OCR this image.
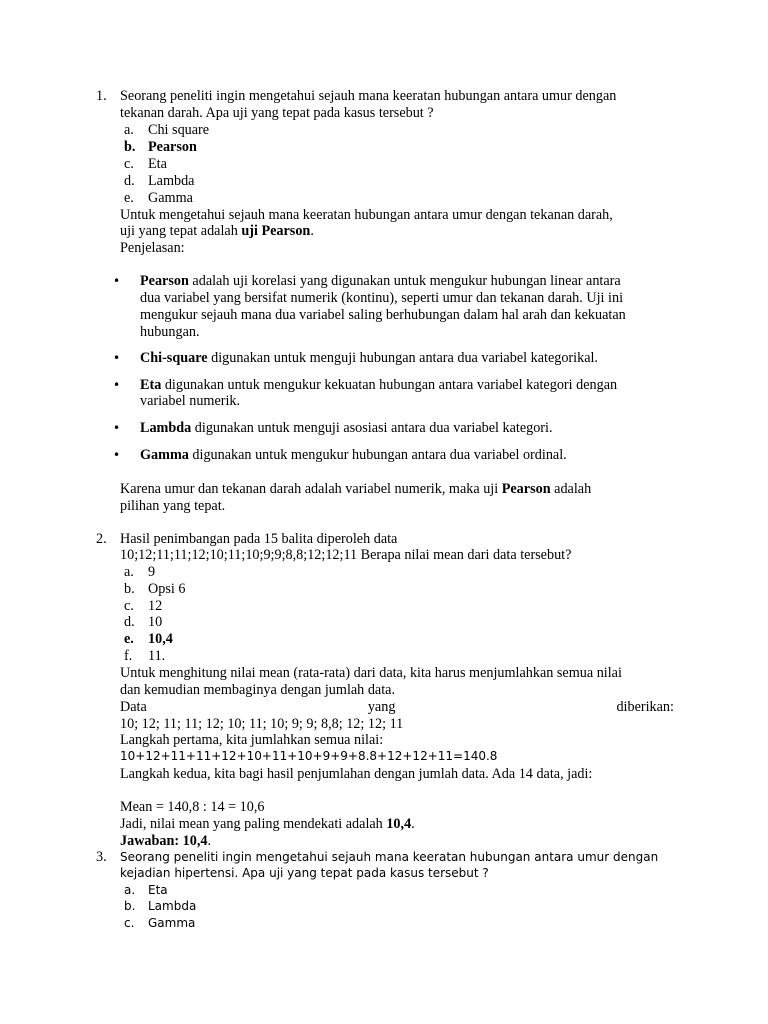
1. Seorang peneliti ingin mengetahui sejauh mana keeratan hubungan antara umur dengan
tekanan darah. Apa uji yang tepat pada kasus tersebut ?
a. Chi square
b. Pearson
c. Eta
d. Lambda
e. Gamma
Untuk mengetahui sejauh mana keeratan hubungan antara umur dengan tekanan darah,
uji yang tepat adalah uji Pearson.
Penjelasan:
• Pearson adalah uji korelasi yang digunakan untuk mengukur hubungan linear antara
dua variabel yang bersifat numerik (kontinu), seperti umur dan tekanan darah. Uji ini
mengukur sejauh mana dua variabel saling berhubungan dalam hal arah dan kekuatan
hubungan.
• Chi-square digunakan untuk menguji hubungan antara dua variabel kategorikal.
• Eta digunakan untuk mengukur kekuatan hubungan antara variabel kategori dengan
variabel numerik.
• Lambda digunakan untuk menguji asosiasi antara dua variabel kategori.
• Gamma digunakan untuk mengukur hubungan antara dua variabel ordinal.
Karena umur dan tekanan darah adalah variabel numerik, maka uji Pearson adalah
pilihan yang tepat.
2. Hasil penimbangan pada 15 balita diperoleh data
10;12;11;11;12;10;11;10;9;9;8,8;12;12;11 Berapa nilai mean dari data tersebut?
a. 9
b. Opsi 6
c. 12
d. 10
e. 10,4
f.	11.
Untuk menghitung nilai mean (rata-rata) dari data, kita harus menjumlahkan semua nilai
dan kemudian membaginya dengan jumlah data.
Data	yang	diberikan:
10; 12; 11; 11; 12; 10; 11; 10; 9; 9; 8,8; 12; 12; 11
Langkah pertama, kita jumlahkan semua nilai:
10+12+11+11+12+10+11+10+9+9+8.8+12+12+11=140.8
Langkah kedua, kita bagi hasil penjumlahan dengan jumlah data. Ada 14 data, jadi:
Mean = 140,8 : 14 = 10,6
Jadi, nilai mean yang paling mendekati adalah 10,4.
Jawaban: 10,4.
3.	Seorang peneliti ingin mengetahui sejauh mana keeratan hubungan antara umur dengan
kejadian hipertensi. Apa uji yang tepat pada kasus tersebut ?
a.	Eta
b.	Lambda
c.	Gamma
